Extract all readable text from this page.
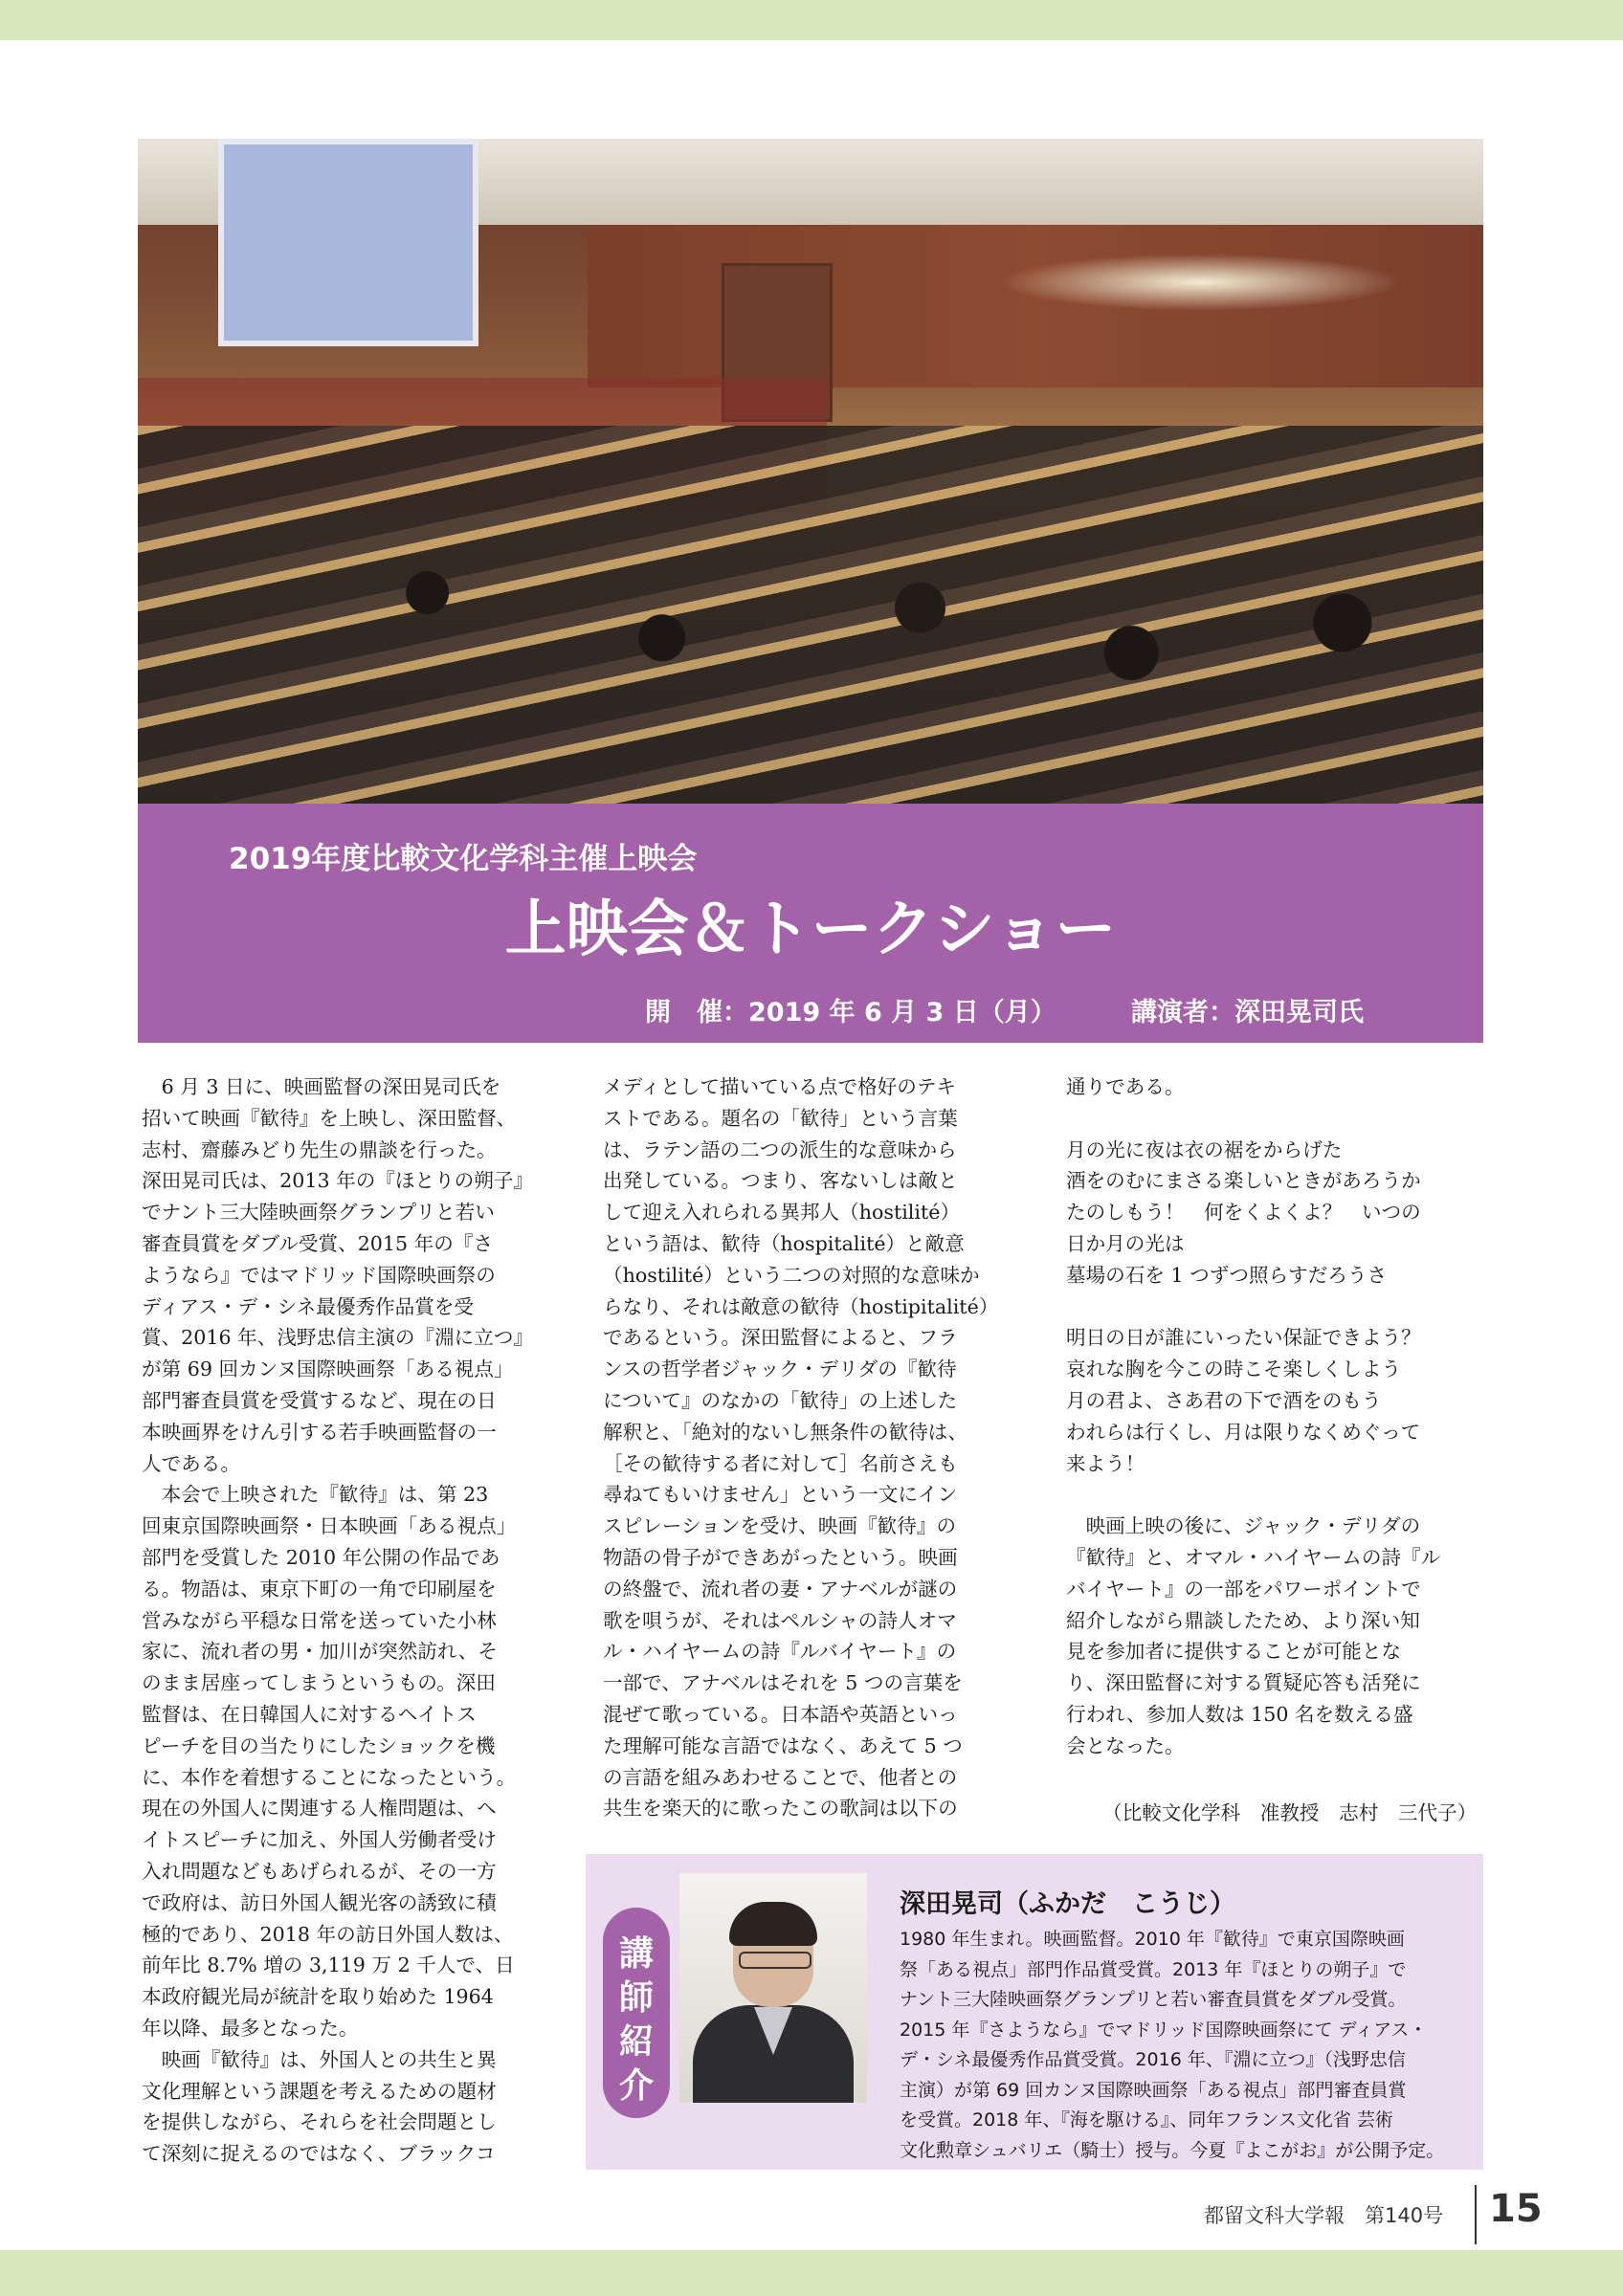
2019年度比較文化学科主催上映会
上映会＆トークショー
開　催：2019 年 6 月 3 日（月）	講演者：深田晃司氏
　6 月 3 日に、映画監督の深田晃司氏を
招いて映画『歓待』を上映し、深田監督、
志村、齋藤みどり先生の鼎談を行った。
深田晃司氏は、2013 年の『ほとりの朔子』
でナント三大陸映画祭グランプリと若い
審査員賞をダブル受賞、2015 年の『さ
ようなら』ではマドリッド国際映画祭の
ディアス・デ・シネ最優秀作品賞を受
賞、2016 年、浅野忠信主演の『淵に立つ』
が第 69 回カンヌ国際映画祭「ある視点」
部門審査員賞を受賞するなど、現在の日
本映画界をけん引する若手映画監督の一
人である。
　本会で上映された『歓待』は、第 23
回東京国際映画祭・日本映画「ある視点」
部門を受賞した 2010 年公開の作品であ
る。物語は、東京下町の一角で印刷屋を
営みながら平穏な日常を送っていた小林
家に、流れ者の男・加川が突然訪れ、そ
のまま居座ってしまうというもの。深田
監督は、在日韓国人に対するヘイトス
ピーチを目の当たりにしたショックを機
に、本作を着想することになったという。
現在の外国人に関連する人権問題は、ヘ
イトスピーチに加え、外国人労働者受け
入れ問題などもあげられるが、その一方
で政府は、訪日外国人観光客の誘致に積
極的であり、2018 年の訪日外国人数は、
前年比 8.7% 増の 3,119 万 2 千人で、日
本政府観光局が統計を取り始めた 1964
年以降、最多となった。
　映画『歓待』は、外国人との共生と異
文化理解という課題を考えるための題材
を提供しながら、それらを社会問題とし
て深刻に捉えるのではなく、ブラックコ
メディとして描いている点で格好のテキ
ストである。題名の「歓待」という言葉
は、ラテン語の二つの派生的な意味から
出発している。つまり、客ないしは敵と
して迎え入れられる異邦人（hostilité）
という語は、歓待（hospitalité）と敵意
（hostilité）という二つの対照的な意味か
らなり、それは敵意の歓待（hostipitalité）
であるという。深田監督によると、フラ
ンスの哲学者ジャック・デリダの『歓待
について』のなかの「歓待」の上述した
解釈と、「絶対的ないし無条件の歓待は、
［その歓待する者に対して］名前さえも
尋ねてもいけません」という一文にイン
スピレーションを受け、映画『歓待』の
物語の骨子ができあがったという。映画
の終盤で、流れ者の妻・アナベルが謎の
歌を唄うが、それはペルシャの詩人オマ
ル・ハイヤームの詩『ルバイヤート』の
一部で、アナベルはそれを 5 つの言葉を
混ぜて歌っている。日本語や英語といっ
た理解可能な言語ではなく、あえて 5 つ
の言語を組みあわせることで、他者との
共生を楽天的に歌ったこの歌詞は以下の
通りである。
月の光に夜は衣の裾をからげた
酒をのむにまさる楽しいときがあろうか
たのしもう！　何をくよくよ？　いつの
日か月の光は
墓場の石を 1 つずつ照らすだろうさ
明日の日が誰にいったい保証できよう？
哀れな胸を今この時こそ楽しくしよう
月の君よ、さあ君の下で酒をのもう
われらは行くし、月は限りなくめぐって
来よう！
　映画上映の後に、ジャック・デリダの
『歓待』と、オマル・ハイヤームの詩『ル
バイヤート』の一部をパワーポイントで
紹介しながら鼎談したため、より深い知
見を参加者に提供することが可能とな
り、深田監督に対する質疑応答も活発に
行われ、参加人数は 150 名を数える盛
会となった。
（比較文化学科　准教授　志村　三代子）
講
師
紹
介
深田晃司（ふかだ　こうじ）
1980 年生まれ。映画監督。2010 年『歓待』で東京国際映画
祭「ある視点」部門作品賞受賞。2013 年『ほとりの朔子』で
ナント三大陸映画祭グランプリと若い審査員賞をダブル受賞。
2015 年『さようなら』でマドリッド国際映画祭にて ディアス・
デ・シネ最優秀作品賞受賞。2016 年、『淵に立つ』（浅野忠信
主演）が第 69 回カンヌ国際映画祭「ある視点」部門審査員賞
を受賞。2018 年、『海を駆ける』、同年フランス文化省 芸術
文化勲章シュバリエ（騎士）授与。今夏『よこがお』が公開予定。
都留文科大学報　第140号 15
